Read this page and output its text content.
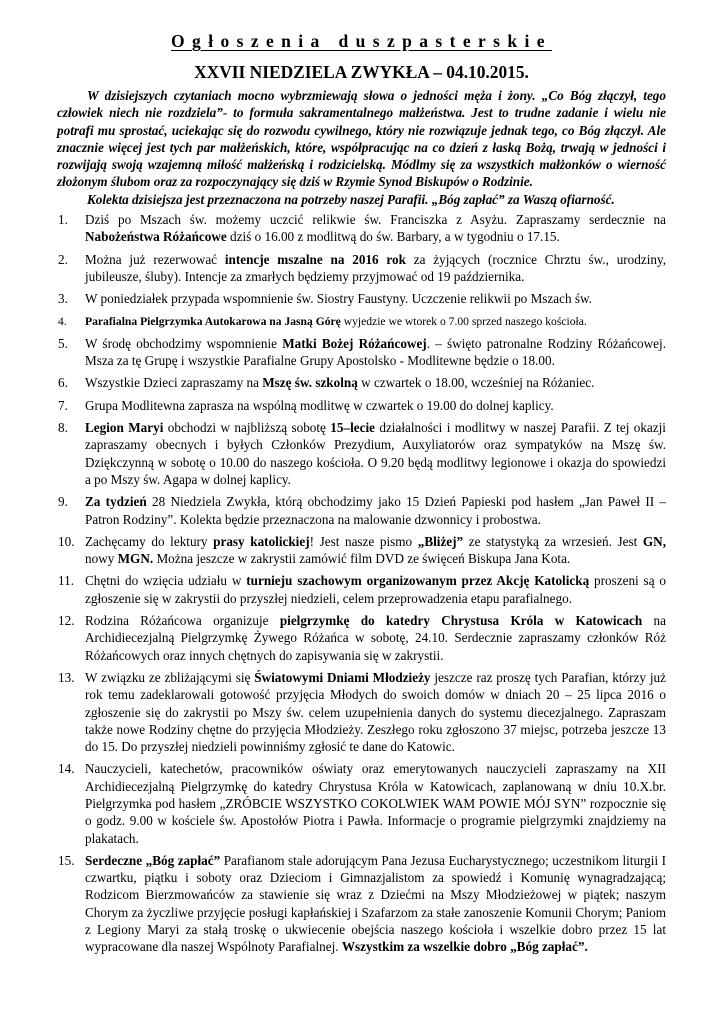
Ogłoszenia duszpasterskie
XXVII NIEDZIELA ZWYKŁA – 04.10.2015.

W dzisiejszych czytaniach mocno wybrzmiewają słowa o jedności męża i żony. „Co Bóg złączył, tego człowiek niech nie rozdziela”- to formuła sakramentalnego małżeństwa. Jest to trudne zadanie i wielu nie potrafi mu sprostać, uciekając się do rozwodu cywilnego, który nie rozwiązuje jednak tego, co Bóg złączył. Ale znacznie więcej jest tych par małżeńskich, które, współpracując na co dzień z łaską Bożą, trwają w jedności i rozwijają swoją wzajemną miłość małżeńską i rodzicielską. Módlmy się za wszystkich małżonków o wierność złożonym ślubom oraz za rozpoczynający się dziś w Rzymie Synod Biskupów o Rodzinie.

Kolekta dzisiejsza jest przeznaczona na potrzeby naszej Parafii. „Bóg zapłać” za Waszą ofiarność.

1. Dziś po Mszach św. możemy uczcić relikwie św. Franciszka z Asyżu. Zapraszamy serdecznie na Nabożeństwa Różańcowe dziś o 16.00 z modlitwą do św. Barbary, a w tygodniu o 17.15.
2. Można już rezerwować intencje mszalne na 2016 rok za żyjących (rocznice Chrztu św., urodziny, jubileusze, śluby). Intencje za zmarłych będziemy przyjmować od 19 października.
3. W poniedziałek przypada wspomnienie św. Siostry Faustyny. Uczczenie relikwii po Mszach św.
4. Parafialna Pielgrzymka Autokarowa na Jasną Górę wyjedzie we wtorek o 7.00 sprzed naszego kościoła.
5. W środę obchodzimy wspomnienie Matki Bożej Różańcowej. – święto patronalne Rodziny Różańcowej. Msza za tę Grupę i wszystkie Parafialne Grupy Apostolsko - Modlitewne będzie o 18.00.
6. Wszystkie Dzieci zapraszamy na Mszę św. szkolną w czwartek o 18.00, wcześniej na Różaniec.
7. Grupa Modlitewna zaprasza na wspólną modlitwę w czwartek o 19.00 do dolnej kaplicy.
8. Legion Maryi obchodzi w najbliższą sobotę 15–lecie działalności i modlitwy w naszej Parafii. Z tej okazji zapraszamy obecnych i byłych Członków Prezydium, Auxyliatorów oraz sympatyków na Mszę św. Dziękczynną w sobotę o 10.00 do naszego kościoła. O 9.20 będą modlitwy legionowe i okazja do spowiedzi a po Mszy św. Agapa w dolnej kaplicy.
9. Za tydzień 28 Niedziela Zwykła, którą obchodzimy jako 15 Dzień Papieski pod hasłem „Jan Paweł II – Patron Rodziny”. Kolekta będzie przeznaczona na malowanie dzwonnicy i probostwa.
10. Zachęcamy do lektury prasy katolickiej! Jest nasze pismo „Bliżej” ze statystyką za wrzesień. Jest GN, nowy MGN. Można jeszcze w zakrystii zamówić film DVD ze święceń Biskupa Jana Kota.
11. Chętni do wzięcia udziału w turnieju szachowym organizowanym przez Akcję Katolicką proszeni są o zgłoszenie się w zakrystii do przyszłej niedzieli, celem przeprowadzenia etapu parafialnego.
12. Rodzina Różańcowa organizuje pielgrzymkę do katedry Chrystusa Króla w Katowicach na Archidiecezjalną Pielgrzymkę Żywego Różańca w sobotę, 24.10. Serdecznie zapraszamy członków Róż Różańcowych oraz innych chętnych do zapisywania się w zakrystii.
13. W związku ze zbliżającymi się Światowymi Dniami Młodzieży jeszcze raz proszę tych Parafian, którzy już rok temu zadeklarowali gotowość przyjęcia Młodych do swoich domów w dniach 20 – 25 lipca 2016 o zgłoszenie się do zakrystii po Mszy św. celem uzupełnienia danych do systemu diecezjalnego. Zapraszam także nowe Rodziny chętne do przyjęcia Młodzieży. Zeszłego roku zgłoszono 37 miejsc, potrzeba jeszcze 13 do 15. Do przyszłej niedzieli powinniśmy zgłosić te dane do Katowic.
14. Nauczycieli, katechetów, pracowników oświaty oraz emerytowanych nauczycieli zapraszamy na XII Archidiecezjalną Pielgrzymkę do katedry Chrystusa Króla w Katowicach, zaplanowaną w dniu 10.X.br. Pielgrzymka pod hasłem „ZRÓBCIE WSZYSTKO COKOLWIEK WAM POWIE MÓJ SYN” rozpocznie się o godz. 9.00 w kościele św. Apostołów Piotra i Pawła. Informacje o programie pielgrzymki znajdziemy na plakatach.
15. Serdeczne „Bóg zapłać” Parafianom stale adorującym Pana Jezusa Eucharystycznego; uczestnikom liturgii I czwartku, piątku i soboty oraz Dzieciom i Gimnazjalistom za spowiedź i Komunię wynagradzającą; Rodzicom Bierzmowańców za stawienie się wraz z Dziećmi na Mszy Młodzieżowej w piątek; naszym Chorym za życzliwe przyjęcie posługi kapłańskiej i Szafarzom za stałe zanoszenie Komunii Chorym; Paniom z Legiony Maryi za stałą troskę o ukwiecenie obejścia naszego kościoła i wszelkie dobro przez 15 lat wypracowane dla naszej Wspólnoty Parafialnej. Wszystkim za wszelkie dobro „Bóg zapłać”.
